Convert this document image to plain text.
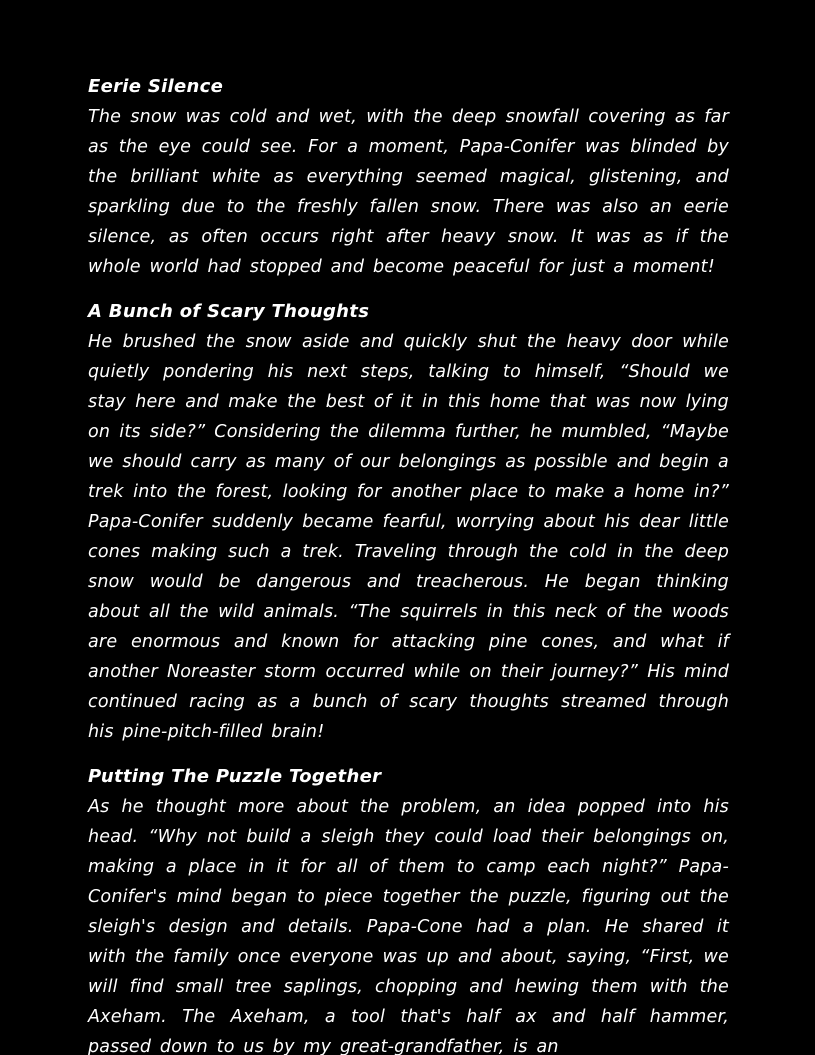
Eerie Silence

The snow was cold and wet, with the deep snowfall covering as far as the eye could see. For a moment, Papa-Conifer was blinded by the brilliant white as everything seemed magical, glistening, and sparkling due to the freshly fallen snow. There was also an eerie silence, as often occurs right after heavy snow. It was as if the whole world had stopped and become peaceful for just a moment!

A Bunch of Scary Thoughts

He brushed the snow aside and quickly shut the heavy door while quietly pondering his next steps, talking to himself, “Should we stay here and make the best of it in this home that was now lying on its side?” Considering the dilemma further, he mumbled, “Maybe we should carry as many of our belongings as possible and begin a trek into the forest, looking for another place to make a home in?” Papa-Conifer suddenly became fearful, worrying about his dear little cones making such a trek. Traveling through the cold in the deep snow would be dangerous and treacherous. He began thinking about all the wild animals. “The squirrels in this neck of the woods are enormous and known for attacking pine cones, and what if another Noreaster storm occurred while on their journey?” His mind continued racing as a bunch of scary thoughts streamed through his pine-pitch-filled brain!

Putting The Puzzle Together

As he thought more about the problem, an idea popped into his head. “Why not build a sleigh they could load their belongings on, making a place in it for all of them to camp each night?” Papa-Conifer's mind began to piece together the puzzle, figuring out the sleigh's design and details. Papa-Cone had a plan. He shared it with the family once everyone was up and about, saying, “First, we will find small tree saplings, chopping and hewing them with the Axeham. The Axeham, a tool that's half ax and half hammer, passed down to us by my great-grandfather, is an
